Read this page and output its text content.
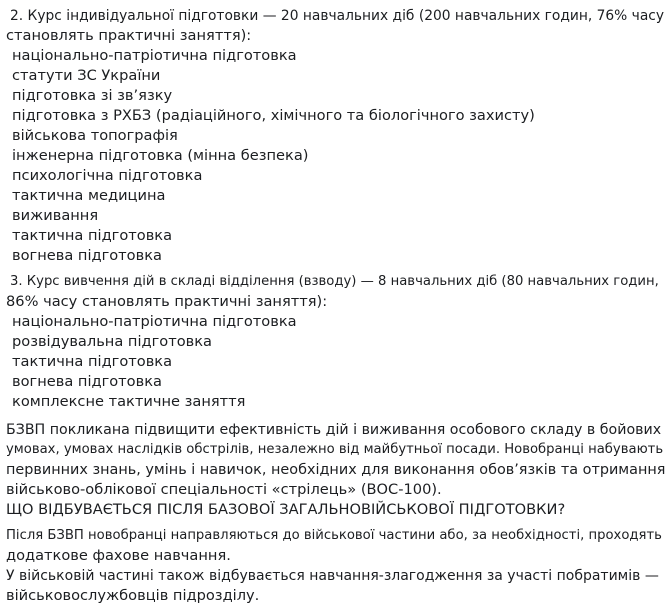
2. Курс індивідуальної підготовки — 20 навчальних діб (200 навчальних годин, 76% часу
становлять практичні заняття):
національно-патріотична підготовка
статути ЗС України
підготовка зі зв’язку
підготовка з РХБЗ (радіаційного, хімічного та біологічного захисту)
військова топографія
інженерна підготовка (мінна безпека)
психологічна підготовка
тактична медицина
виживання
тактична підготовка
вогнева підготовка
3. Курс вивчення дій в складі відділення (взводу) — 8 навчальних діб (80 навчальних годин,
86% часу становлять практичні заняття):
національно-патріотична підготовка
розвідувальна підготовка
тактична підготовка
вогнева підготовка
комплексне тактичне заняття
БЗВП покликана підвищити ефективність дій і виживання особового складу в бойових
умовах, умовах наслідків обстрілів, незалежно від майбутньої посади. Новобранці набувають
первинних знань, умінь і навичок, необхідних для виконання обов’язків та отримання
військово-облікової спеціальності «стрілець» (ВОС-100).
ЩО ВІДБУВАЄТЬСЯ ПІСЛЯ БАЗОВОЇ ЗАГАЛЬНОВІЙСЬКОВОЇ ПІДГОТОВКИ?
Після БЗВП новобранці направляються до військової частини або, за необхідності, проходять
додаткове фахове навчання.
У військовій частині також відбувається навчання-злагодження за участі побратимів —
військовослужбовців підрозділу.
